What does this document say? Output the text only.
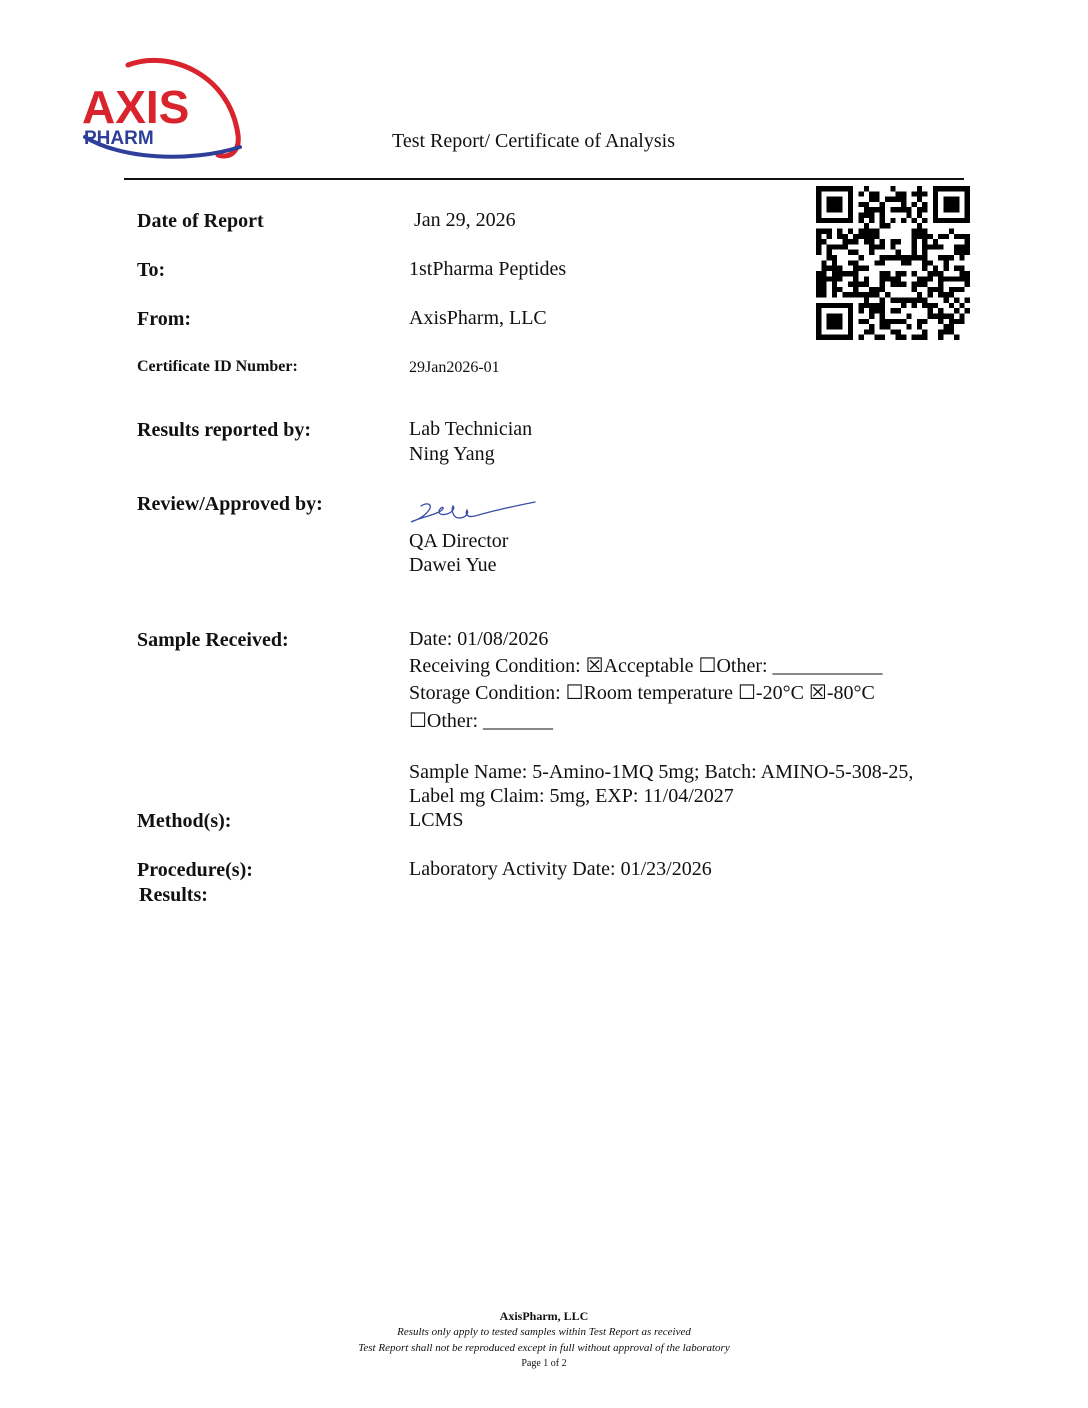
AXIS
PHARM	Test Report/ Certificate of Analysis
Date of Report	Jan 29, 2026
To:	1stPharma Peptides
From:	AxisPharm, LLC
Certificate ID Number:	29Jan2026-01
Results reported by:	Lab Technician
Ning Yang
Review/Approved by:
QA Director
Dawei Yue
Sample Received:	Date: 01/08/2026
Receiving Condition: ☒Acceptable ☐Other: ___________
Storage Condition: ☐Room temperature ☐-20°C ☒-80°C
☐Other: _______
Sample Name: 5-Amino-1MQ 5mg; Batch: AMINO-5-308-25,
Label mg Claim: 5mg, EXP: 11/04/2027
Method(s):	LCMS
Procedure(s):	Laboratory Activity Date: 01/23/2026
Results:
AxisPharm, LLC
Results only apply to tested samples within Test Report as received
Test Report shall not be reproduced except in full without approval of the laboratory
Page 1 of 2
